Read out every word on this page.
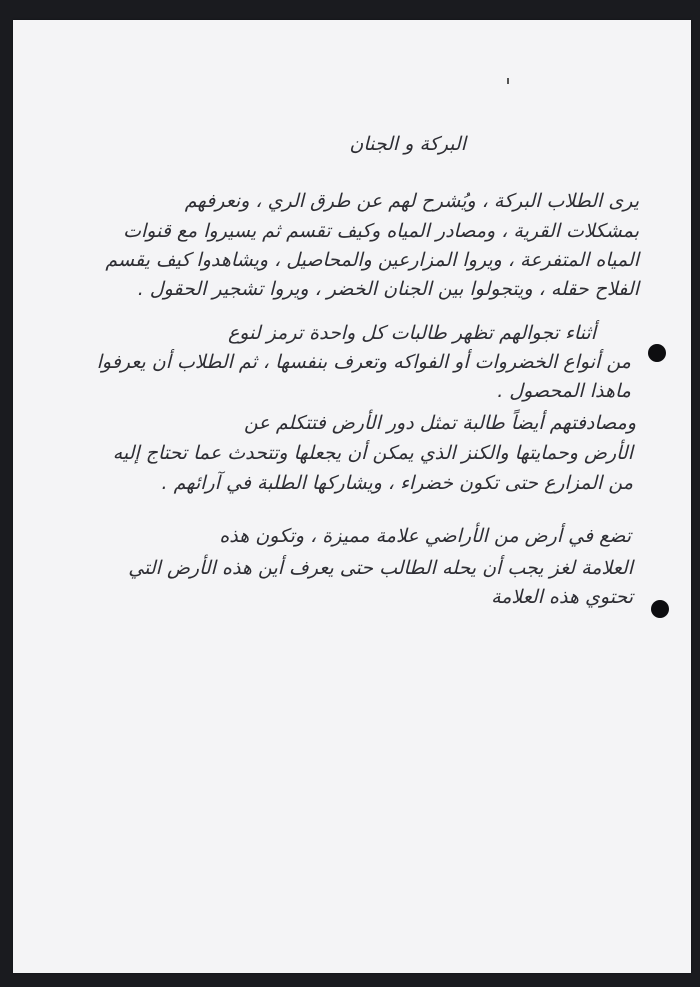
البركة و الجنان
يرى الطلاب البركة ، ويُشرح لهم عن طرق الري ، ونعرفهم
بمشكلات القرية ، ومصادر المياه وكيف تقسم ثم يسيروا مع قنوات
المياه المتفرعة ، ويروا المزارعين والمحاصيل ، ويشاهدوا كيف يقسم
الفلاح حقله ، ويتجولوا بين الجنان الخضر ، ويروا تشجير الحقول .
أثناء تجوالهم تظهر طالبات كل واحدة ترمز لنوع
من أنواع الخضروات أو الفواكه وتعرف بنفسها ، ثم الطلاب أن يعرفوا
ماهذا المحصول .
ومصادفتهم أيضاً طالبة تمثل دور الأرض فتتكلم عن
الأرض وحمايتها والكنز الذي يمكن أن يجعلها وتتحدث عما تحتاج إليه
من المزارع حتى تكون خضراء ، ويشاركها الطلبة في آرائهم .
تضع في أرض من الأراضي علامة مميزة ، وتكون هذه
العلامة لغز يجب أن يحله الطالب حتى يعرف أين هذه الأرض التي
تحتوي هذه العلامة
